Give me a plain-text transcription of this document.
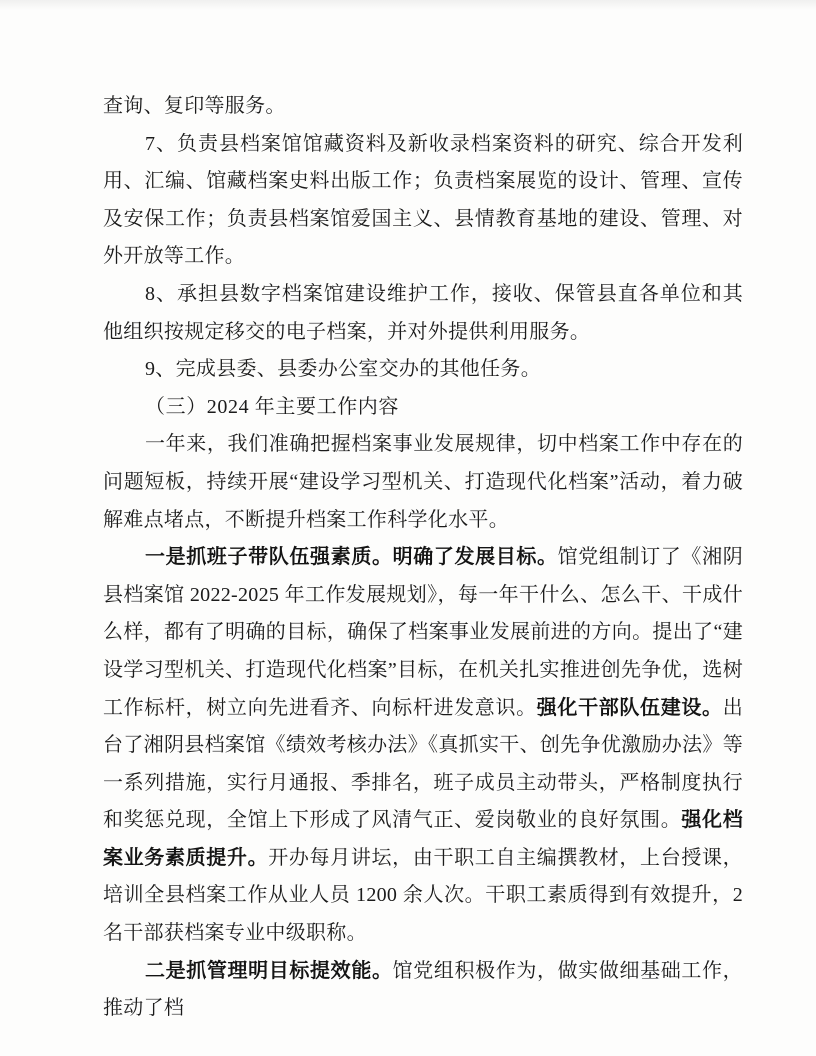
查询、复印等服务。

7、负责县档案馆馆藏资料及新收录档案资料的研究、综合开发利用、汇编、馆藏档案史料出版工作；负责档案展览的设计、管理、宣传及安保工作；负责县档案馆爱国主义、县情教育基地的建设、管理、对外开放等工作。

8、承担县数字档案馆建设维护工作，接收、保管县直各单位和其他组织按规定移交的电子档案，并对外提供利用服务。

9、完成县委、县委办公室交办的其他任务。

（三）2024 年主要工作内容

一年来，我们准确把握档案事业发展规律，切中档案工作中存在的问题短板，持续开展“建设学习型机关、打造现代化档案”活动，着力破解难点堵点，不断提升档案工作科学化水平。

一是抓班子带队伍强素质。明确了发展目标。馆党组制订了《湘阴县档案馆 2022-2025 年工作发展规划》，每一年干什么、怎么干、干成什么样，都有了明确的目标，确保了档案事业发展前进的方向。提出了“建设学习型机关、打造现代化档案”目标，在机关扎实推进创先争优，选树工作标杆，树立向先进看齐、向标杆进发意识。强化干部队伍建设。出台了湘阴县档案馆《绩效考核办法》《真抓实干、创先争优激励办法》等一系列措施，实行月通报、季排名，班子成员主动带头，严格制度执行和奖惩兑现，全馆上下形成了风清气正、爱岗敬业的良好氛围。强化档案业务素质提升。开办每月讲坛，由干职工自主编撰教材，上台授课，培训全县档案工作从业人员 1200 余人次。干职工素质得到有效提升，2 名干部获档案专业中级职称。

二是抓管理明目标提效能。馆党组积极作为，做实做细基础工作，推动了档
